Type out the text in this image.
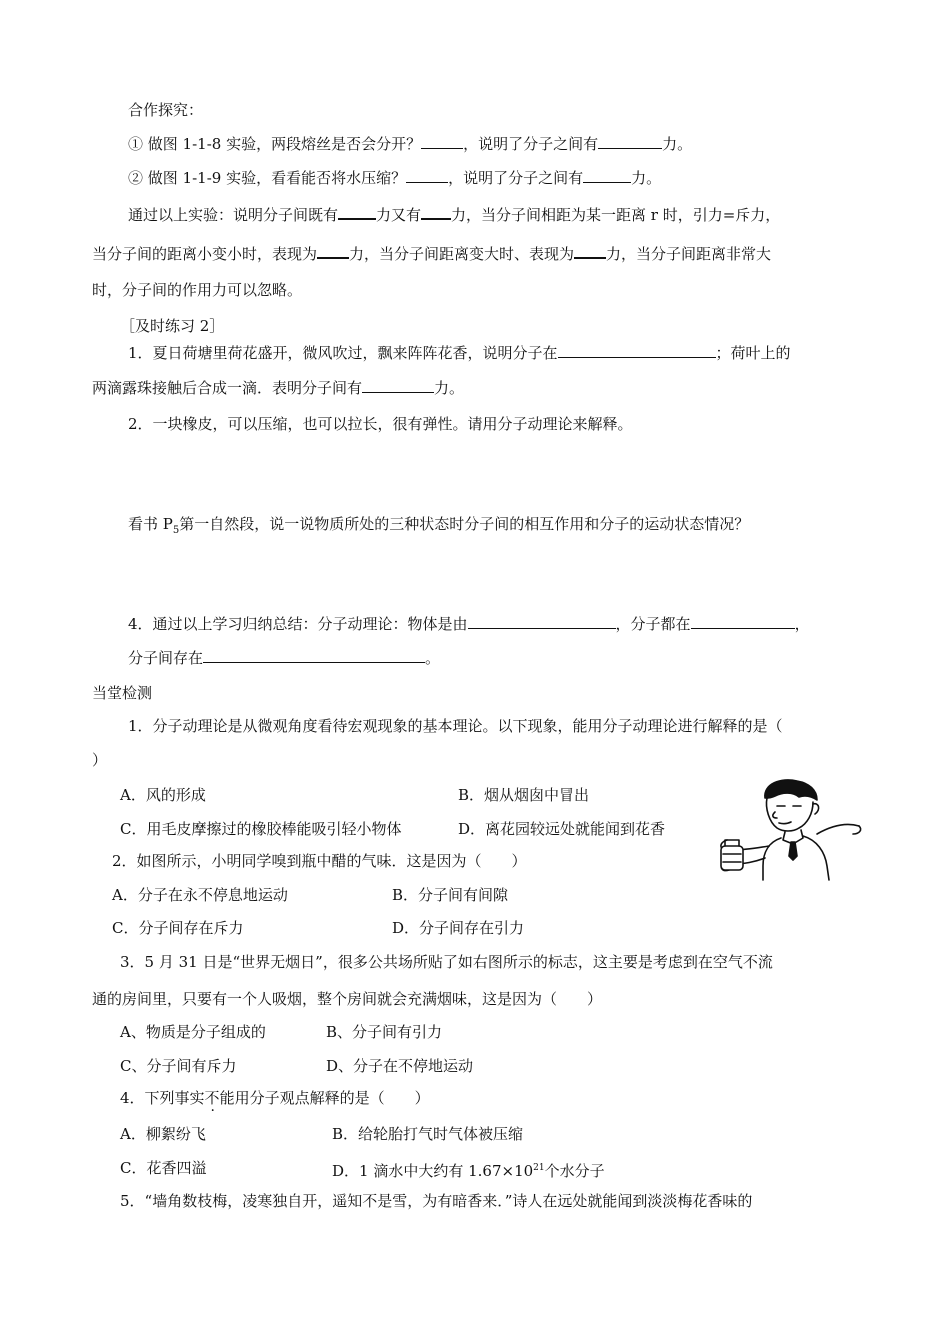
合作探究：
① 做图 1-1-8 实验，两段熔丝是否会分开？	，说明了分子之间有	力。
② 做图 1-1-9 实验，看看能否将水压缩？	，说明了分子之间有	力。
通过以上实验：说明分子间既有	力又有 力，当分子间相距为某一距离 r 时，引力=斥力，
当分子间的距离小变小时，表现为 力，当分子间距离变大时、表现为 力，当分子间距离非常大
时，分子间的作用力可以忽略。
［及时练习 2］
1．夏日荷塘里荷花盛开，微风吹过，飘来阵阵花香，说明分子在	；荷叶上的
两滴露珠接触后合成一滴．表明分子间有	力。
2．一块橡皮，可以压缩，也可以拉长，很有弹性。请用分子动理论来解释。
看书 $P_5$第一自然段，说一说物质所处的三种状态时分子间的相互作用和分子的运动状态情况？
4．通过以上学习归纳总结：分子动理论：物体是由	，分子都在	，
分子间存在	。
当堂检测
1．分子动理论是从微观角度看待宏观现象的基本理论。以下现象，能用分子动理论进行解释的是（
）
A．风的形成	B．烟从烟囱中冒出
C．用毛皮摩擦过的橡胶棒能吸引轻小物体	D．离花园较远处就能闻到花香
2．如图所示，小明同学嗅到瓶中醋的气味．这是因为（　　）
A．分子在永不停息地运动	B．分子间有间隙
C．分子间存在斥力	D．分子间存在引力
3．5 月 31 日是“世界无烟日”，很多公共场所贴了如右图所示的标志，这主要是考虑到在空气不流
通的房间里，只要有一个人吸烟，整个房间就会充满烟味，这是因为（　　）
A、物质是分子组成的	B、分子间有引力
C、分子间有斥力	D、分子在不停地运动
4．下列事实不能用分子观点解释的是（　　）
A．柳絮纷飞	B．给轮胎打气时气体被压缩
C．花香四溢	D．1 滴水中大约有 $1.67\times 10^{21}$个水分子
5．“墙角数枝梅，凌寒独自开，遥知不是雪，为有暗香来．”诗人在远处就能闻到淡淡梅花香味的
